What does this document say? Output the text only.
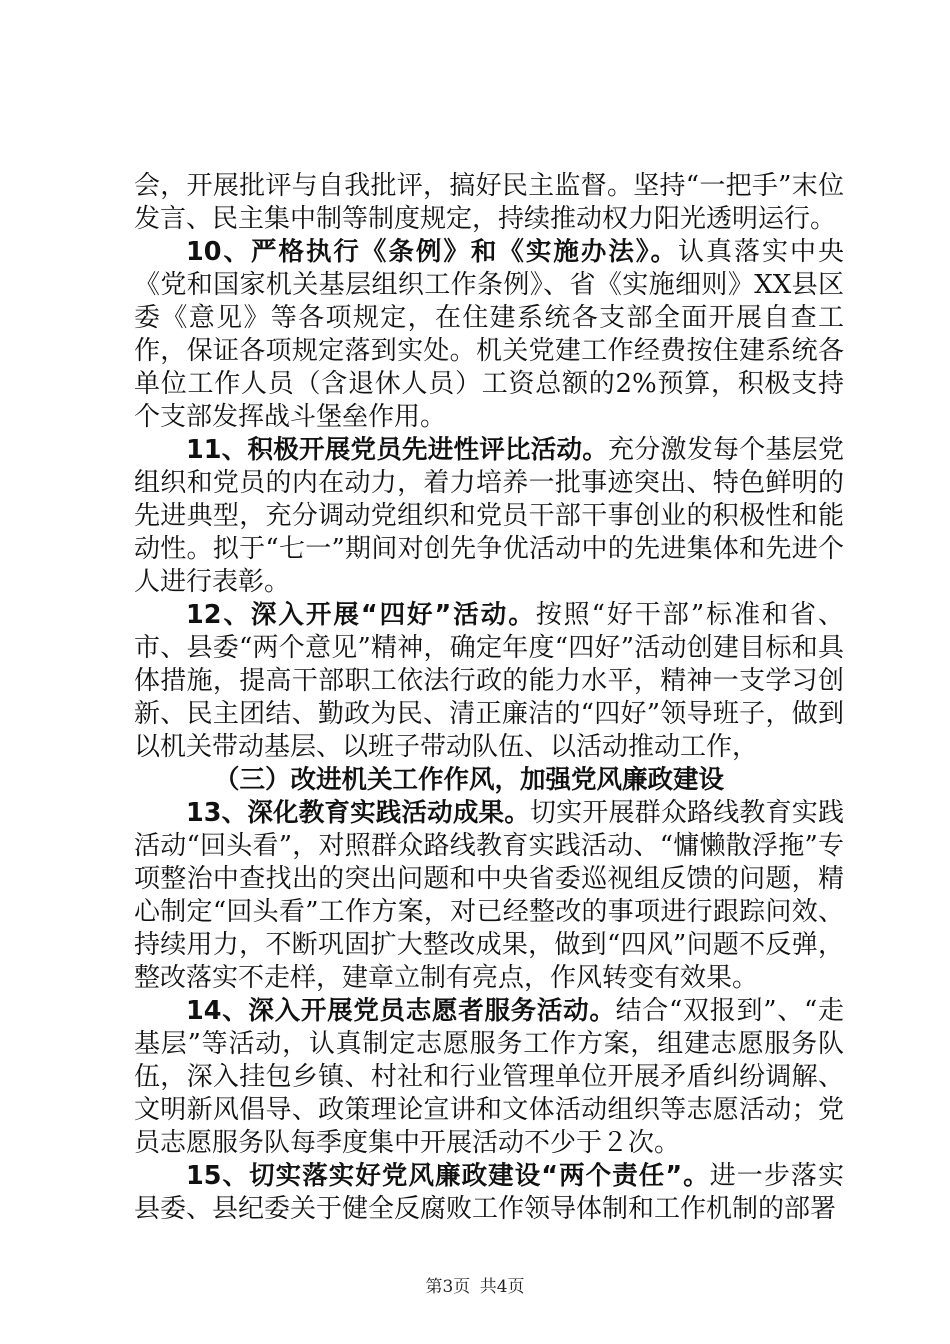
会，开展批评与自我批评，搞好民主监督。坚持“一把手”末位发言、民主集中制等制度规定，持续推动权力阳光透明运行。

10、严格执行《条例》和《实施办法》。认真落实中央《党和国家机关基层组织工作条例》、省《实施细则》XX县区委《意见》等各项规定，在住建系统各支部全面开展自查工作，保证各项规定落到实处。机关党建工作经费按住建系统各单位工作人员（含退休人员）工资总额的2%预算，积极支持个支部发挥战斗堡垒作用。

11、积极开展党员先进性评比活动。充分激发每个基层党组织和党员的内在动力，着力培养一批事迹突出、特色鲜明的先进典型，充分调动党组织和党员干部干事创业的积极性和能动性。拟于“七一”期间对创先争优活动中的先进集体和先进个人进行表彰。

12、深入开展“四好”活动。按照“好干部”标准和省、市、县委“两个意见”精神，确定年度“四好”活动创建目标和具体措施，提高干部职工依法行政的能力水平，精神一支学习创新、民主团结、勤政为民、清正廉洁的“四好”领导班子，做到以机关带动基层、以班子带动队伍、以活动推动工作，

（三）改进机关工作作风，加强党风廉政建设

13、深化教育实践活动成果。切实开展群众路线教育实践活动“回头看”，对照群众路线教育实践活动、“慵懒散浮拖”专项整治中查找出的突出问题和中央省委巡视组反馈的问题，精心制定“回头看”工作方案，对已经整改的事项进行跟踪问效、持续用力，不断巩固扩大整改成果，做到“四风”问题不反弹，整改落实不走样，建章立制有亮点，作风转变有效果。

14、深入开展党员志愿者服务活动。结合“双报到”、“走基层”等活动，认真制定志愿服务工作方案，组建志愿服务队伍，深入挂包乡镇、村社和行业管理单位开展矛盾纠纷调解、文明新风倡导、政策理论宣讲和文体活动组织等志愿活动；党员志愿服务队每季度集中开展活动不少于２次。

15、切实落实好党风廉政建设“两个责任”。进一步落实县委、县纪委关于健全反腐败工作领导体制和工作机制的部署

第3页 共4页
